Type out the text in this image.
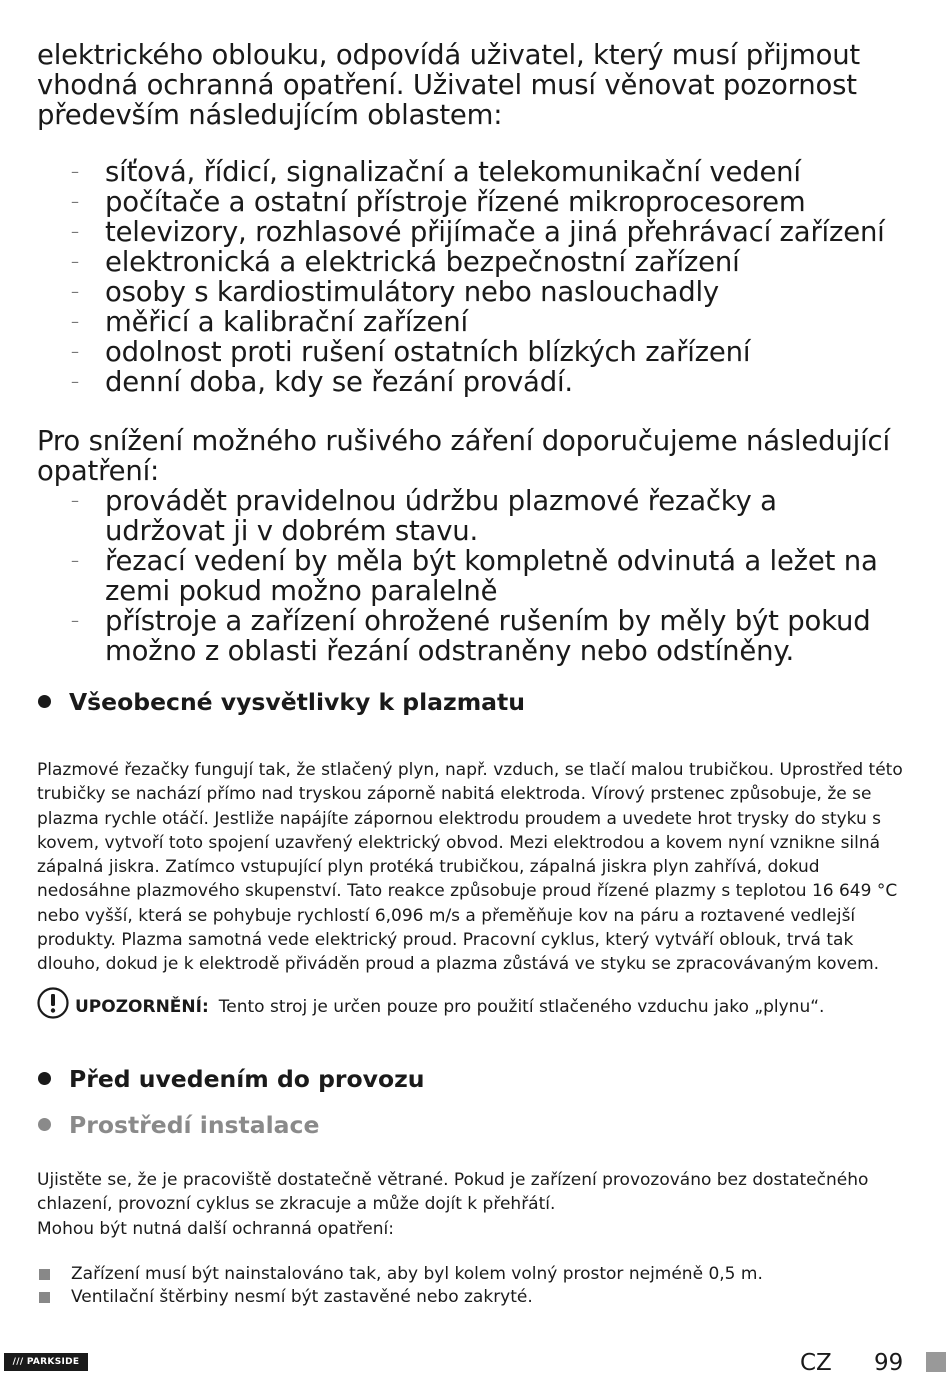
elektrického oblouku, odpovídá uživatel, který musí přijmout vhodná ochranná opatření. Uživatel musí věnovat pozornost především následujícím oblastem:
– síťová, řídicí, signalizační a telekomunikační vedení
– počítače a ostatní přístroje řízené mikroprocesorem
– televizory, rozhlasové přijímače a jiná přehrávací zařízení
– elektronická a elektrická bezpečnostní zařízení
– osoby s kardiostimulátory nebo naslouchadly
– měřicí a kalibrační zařízení
– odolnost proti rušení ostatních blízkých zařízení
– denní doba, kdy se řezání provádí.
Pro snížení možného rušivého záření doporučujeme následující opatření:
– provádět pravidelnou údržbu plazmové řezačky a udržovat ji v dobrém stavu.
– řezací vedení by měla být kompletně odvinutá a ležet na zemi pokud možno paralelně
– přístroje a zařízení ohrožené rušením by měly být pokud možno z oblasti řezání odstraněny nebo odstíněny.
Všeobecné vysvětlivky k plazmatu
Plazmové řezačky fungují tak, že stlačený plyn, např. vzduch, se tlačí malou trubičkou. Uprostřed této trubičky se nachází přímo nad tryskou záporně nabitá elektroda. Vírový prstenec způsobuje, že se plazma rychle otáčí. Jestliže napájíte zápornou elektrodu proudem a uvedete hrot trysky do styku s kovem, vytvoří toto spojení uzavřený elektrický obvod. Mezi elektrodou a kovem nyní vznikne silná zápalná jiskra. Zatímco vstupující plyn protéká trubičkou, zápalná jiskra plyn zahřívá, dokud nedosáhne plazmového skupenství. Tato reakce způsobuje proud řízené plazmy s teplotou 16 649 °C nebo vyšší, která se pohybuje rychlostí 6,096 m/s a přeměňuje kov na páru a roztavené vedlejší produkty. Plazma samotná vede elektrický proud. Pracovní cyklus, který vytváří oblouk, trvá tak dlouho, dokud je k elektrodě přiváděn proud a plazma zůstává ve styku se zpracovávaným kovem.
UPOZORNĚNÍ: Tento stroj je určen pouze pro použití stlačeného vzduchu jako „plynu“.
Před uvedením do provozu
Prostředí instalace
Ujistěte se, že je pracoviště dostatečně větrané. Pokud je zařízení provozováno bez dostatečného chlazení, provozní cyklus se zkracuje a může dojít k přehřátí.
Mohou být nutná další ochranná opatření:
Zařízení musí být nainstalováno tak, aby byl kolem volný prostor nejméně 0,5 m.
Ventilační štěrbiny nesmí být zastavěné nebo zakryté.
/// PARKSIDE	CZ 99
